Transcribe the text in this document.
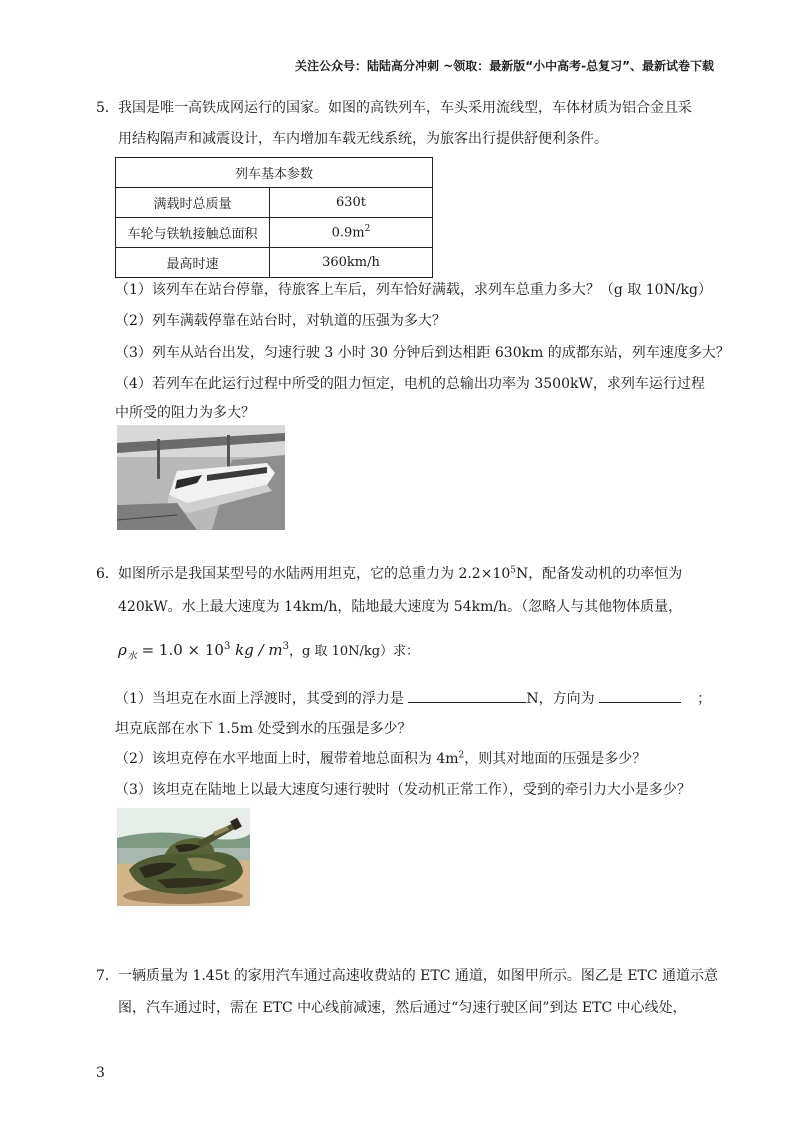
关注公众号：陆陆高分冲刺 ~领取：最新版“小中高考-总复习”、最新试卷下载
5． 我国是唯一高铁成网运行的国家。如图的高铁列车，车头采用流线型，车体材质为铝合金且采
用结构隔声和减震设计，车内增加车载无线系统，为旅客出行提供舒便利条件。
列车基本参数	
满载时总质量	630t
车轮与铁轨接触总面积	$0.9m^2$
最高时速	360km/h
（1）该列车在站台停靠，待旅客上车后，列车恰好满载，求列车总重力多大？（g 取 10N/kg）
（2）列车满载停靠在站台时，对轨道的压强为多大？
（3）列车从站台出发，匀速行驶 3 小时 30 分钟后到达相距 630km 的成都东站，列车速度多大？
（4）若列车在此运行过程中所受的阻力恒定，电机的总输出功率为 3500kW，求列车运行过程
中所受的阻力为多大？
6． 如图所示是我国某型号的水陆两用坦克，它的总重力为 $2.2\times 10^5N$，配备发动机的功率恒为
420kW。水上最大速度为 14km/h，陆地最大速度为 54km/h。（忽略人与其他物体质量，
$\rho_水 = 1.0 \times 10^3$ kg / $m^3$，g 取 10N/kg）求：
（1）当坦克在水面上浮渡时，其受到的浮力是	N，方向为	；
坦克底部在水下 1.5m 处受到水的压强是多少？
（2）该坦克停在水平地面上时，履带着地总面积为 $4m^2$，则其对地面的压强是多少？
（3）该坦克在陆地上以最大速度匀速行驶时（发动机正常工作），受到的牵引力大小是多少？
7． 一辆质量为 1.45t 的家用汽车通过高速收费站的 ETC 通道，如图甲所示。图乙是 ETC 通道示意
图，汽车通过时，需在 ETC 中心线前减速，然后通过“匀速行驶区间”到达 ETC 中心线处，
3
